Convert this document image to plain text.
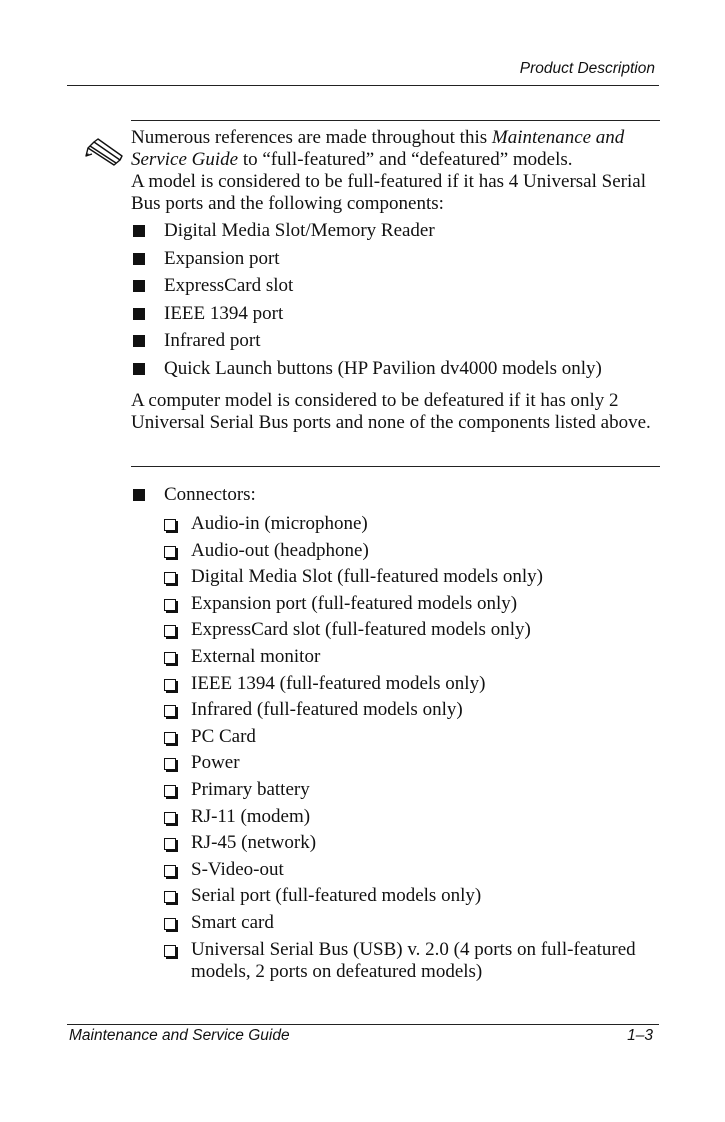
Product Description

Numerous references are made throughout this Maintenance and Service Guide to “full-featured” and “defeatured” models.

A model is considered to be full-featured if it has 4 Universal Serial Bus ports and the following components:

Digital Media Slot/Memory Reader
Expansion port
ExpressCard slot
IEEE 1394 port
Infrared port
Quick Launch buttons (HP Pavilion dv4000 models only)

A computer model is considered to be defeatured if it has only 2 Universal Serial Bus ports and none of the components listed above.

Connectors:
Audio-in (microphone)
Audio-out (headphone)
Digital Media Slot (full-featured models only)
Expansion port (full-featured models only)
ExpressCard slot (full-featured models only)
External monitor
IEEE 1394 (full-featured models only)
Infrared (full-featured models only)
PC Card
Power
Primary battery
RJ-11 (modem)
RJ-45 (network)
S-Video-out
Serial port (full-featured models only)
Smart card
Universal Serial Bus (USB) v. 2.0 (4 ports on full-featured models, 2 ports on defeatured models)
Maintenance and Service Guide	1–3
